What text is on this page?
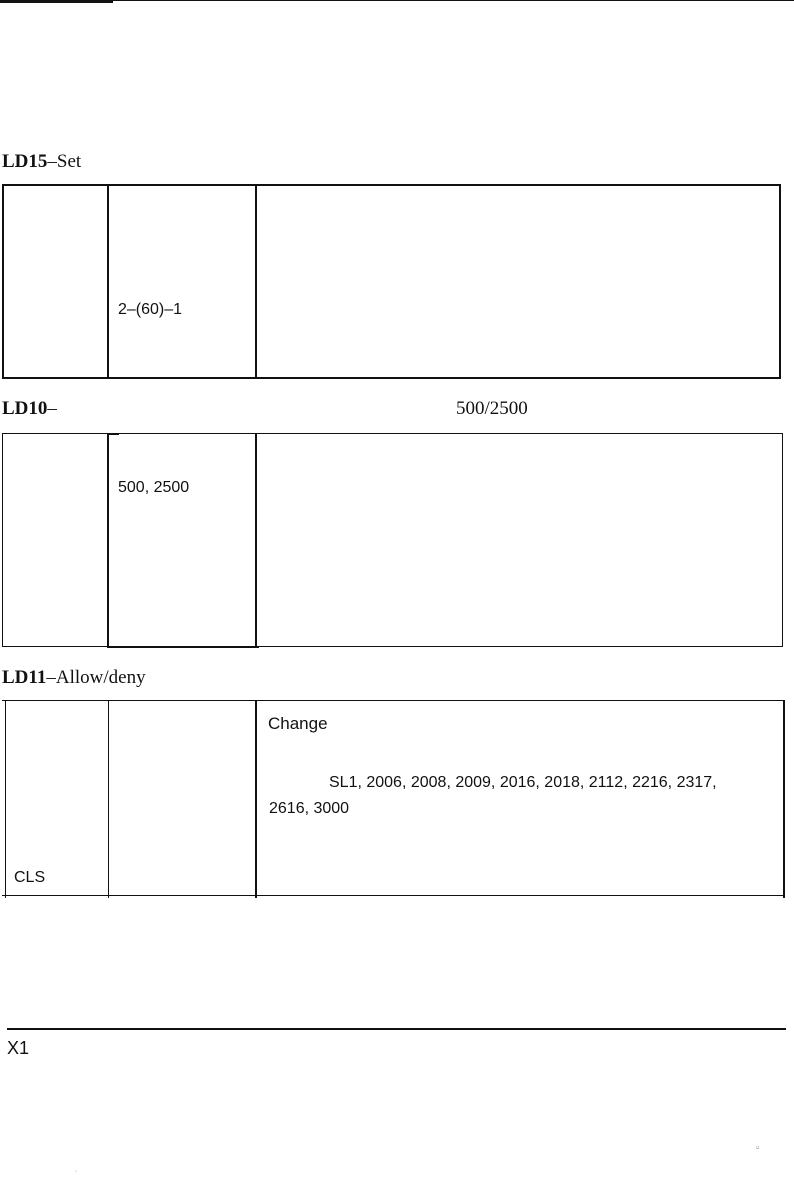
LD15–Set
2–(60)–1
LD10–	500/2500
500, 2500
LD11–Allow/deny
Change
SL1, 2006, 2008, 2009, 2016, 2018, 2112, 2216, 2317,
2616, 3000
CLS
X1
⸚
˙
